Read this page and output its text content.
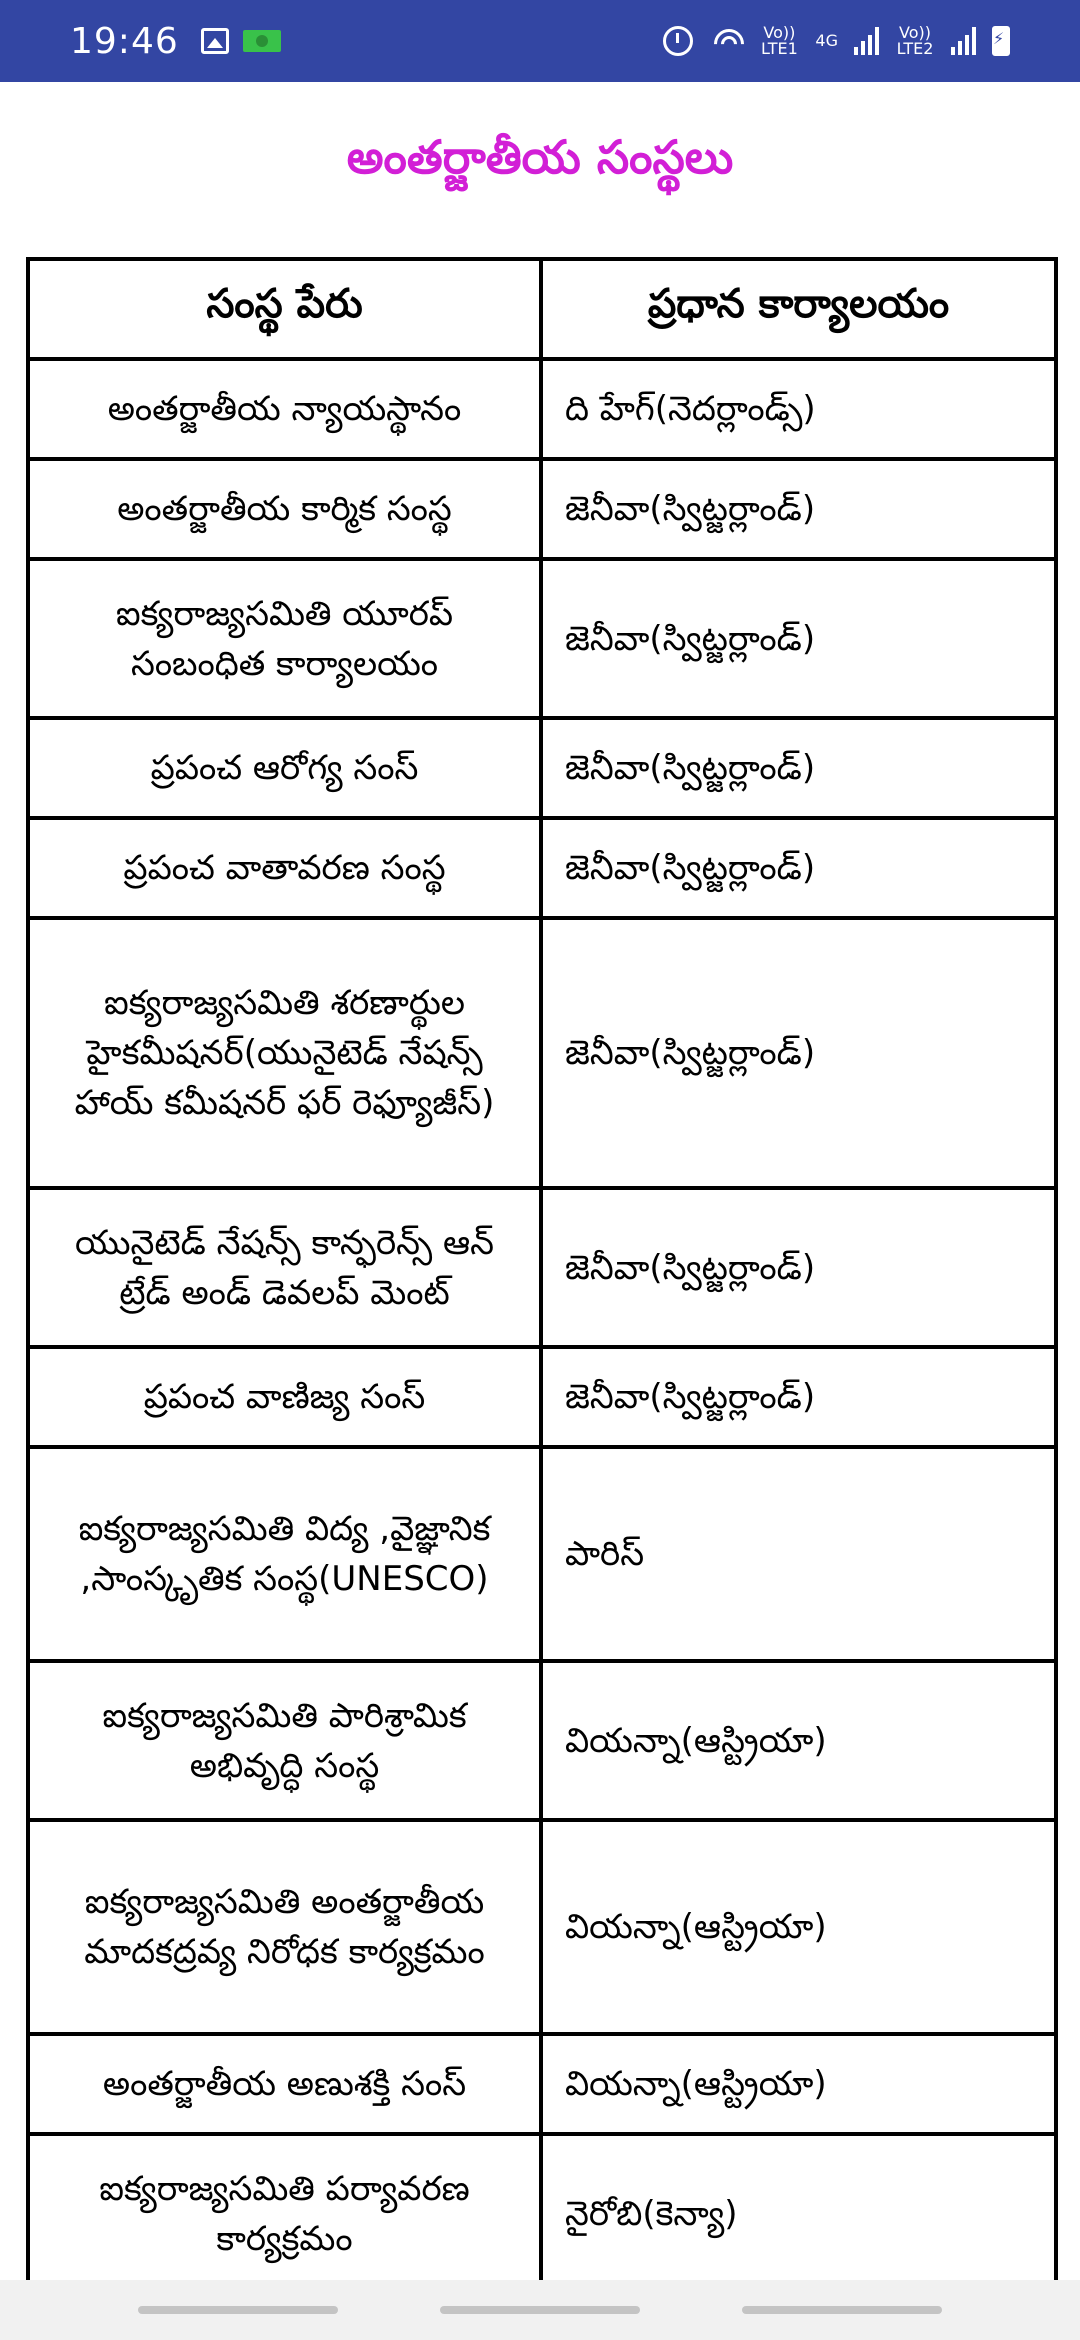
19:46	Vo)) LTE1 4G	Vo)) LTE2
⚡
అంతర్జాతీయ సంస్థలు
సంస్థ పేరు	ప్రధాన కార్యాలయం
అంతర్జాతీయ న్యాయస్థానం	ది హేగ్(నెదర్లాండ్స్)
అంతర్జాతీయ కార్మిక సంస్థ	జెనీవా(స్విట్జర్లాండ్)
ఐక్యరాజ్యసమితి యూరప్ సంబంధిత కార్యాలయం	జెనీవా(స్విట్జర్లాండ్)
ప్రపంచ ఆరోగ్య సంస్	జెనీవా(స్విట్జర్లాండ్)
ప్రపంచ వాతావరణ సంస్థ	జెనీవా(స్విట్జర్లాండ్)
ఐక్యరాజ్యసమితి శరణార్థుల హైకమీషనర్(యునైటెడ్ నేషన్స్ హాయ్ కమీషనర్ ఫర్ రెఫ్యూజీస్)	జెనీవా(స్విట్జర్లాండ్)
యునైటెడ్ నేషన్స్ కాన్ఫరెన్స్ ఆన్ ట్రేడ్ అండ్ డెవలప్ మెంట్	జెనీవా(స్విట్జర్లాండ్)
ప్రపంచ వాణిజ్య సంస్	జెనీవా(స్విట్జర్లాండ్)
ఐక్యరాజ్యసమితి విద్య ,వైజ్ఞానిక ,సాంస్కృతిక సంస్థ(UNESCO)	పారిస్
ఐక్యరాజ్యసమితి పారిశ్రామిక అభివృద్ధి సంస్థ	వియన్నా(ఆస్ట్రియా)
ఐక్యరాజ్యసమితి అంతర్జాతీయ మాదకద్రవ్య నిరోధక కార్యక్రమం	వియన్నా(ఆస్ట్రియా)
అంతర్జాతీయ అణుశక్తి సంస్	వియన్నా(ఆస్ట్రియా)
ఐక్యరాజ్యసమితి పర్యావరణ కార్యక్రమం	నైరోబి(కెన్యా)
